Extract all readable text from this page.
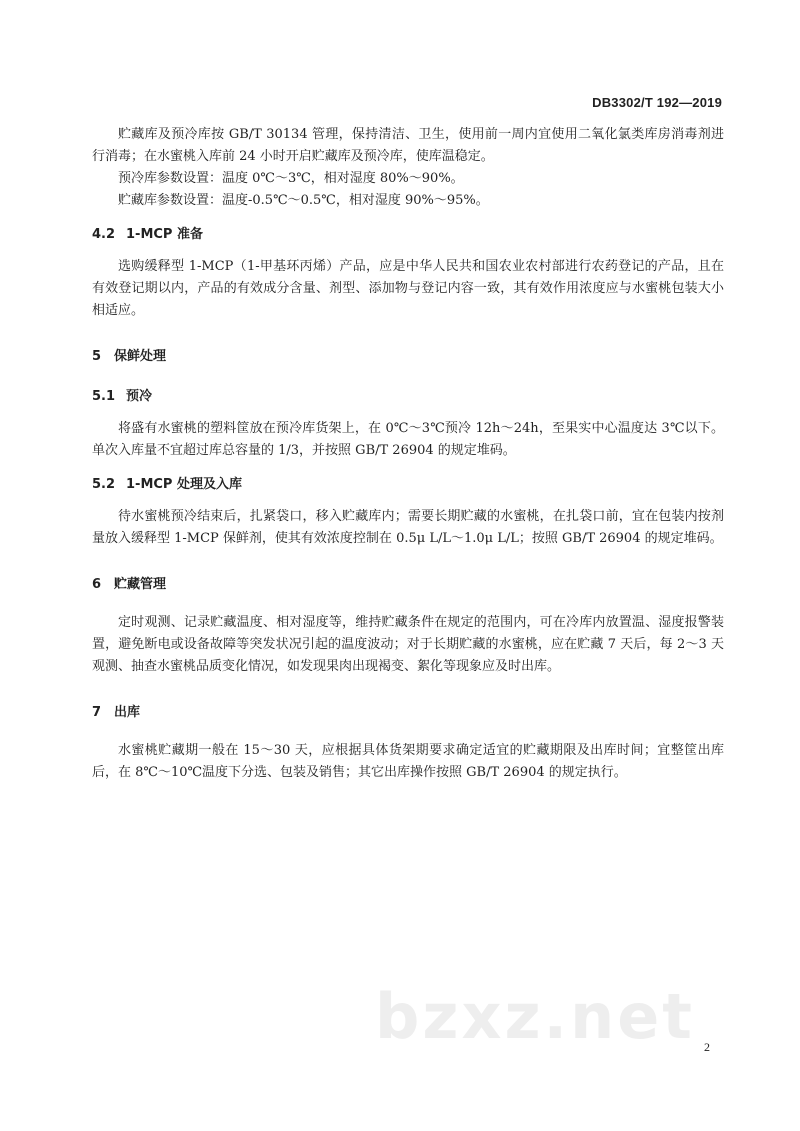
DB3302/T 192—2019

贮藏库及预冷库按 GB/T 30134 管理，保持清洁、卫生，使用前一周内宜使用二氧化氯类库房消毒剂进行消毒；在水蜜桃入库前 24 小时开启贮藏库及预冷库，使库温稳定。

预冷库参数设置：温度 0℃～3℃，相对湿度 80%～90%。

贮藏库参数设置：温度-0.5℃～0.5℃，相对湿度 90%～95%。

4.2 1-MCP 准备

选购缓释型 1-MCP（1-甲基环丙烯）产品，应是中华人民共和国农业农村部进行农药登记的产品，且在有效登记期以内，产品的有效成分含量、剂型、添加物与登记内容一致，其有效作用浓度应与水蜜桃包装大小相适应。

5 保鲜处理
5.1 预冷

将盛有水蜜桃的塑料筐放在预冷库货架上，在 0℃～3℃预冷 12h～24h，至果实中心温度达 3℃以下。单次入库量不宜超过库总容量的 1/3，并按照 GB/T 26904 的规定堆码。

5.2 1-MCP 处理及入库

待水蜜桃预冷结束后，扎紧袋口，移入贮藏库内；需要长期贮藏的水蜜桃，在扎袋口前，宜在包装内按剂量放入缓释型 1-MCP 保鲜剂，使其有效浓度控制在 0.5μ L/L～1.0μ L/L；按照 GB/T 26904 的规定堆码。

6 贮藏管理

定时观测、记录贮藏温度、相对湿度等，维持贮藏条件在规定的范围内，可在冷库内放置温、湿度报警装置，避免断电或设备故障等突发状况引起的温度波动；对于长期贮藏的水蜜桃，应在贮藏 7 天后，每 2～3 天观测、抽查水蜜桃品质变化情况，如发现果肉出现褐变、絮化等现象应及时出库。

7 出库

水蜜桃贮藏期一般在 15～30 天，应根据具体货架期要求确定适宜的贮藏期限及出库时间；宜整筐出库后，在 8℃～10℃温度下分选、包装及销售；其它出库操作按照 GB/T 26904 的规定执行。

bzxz.net 2
